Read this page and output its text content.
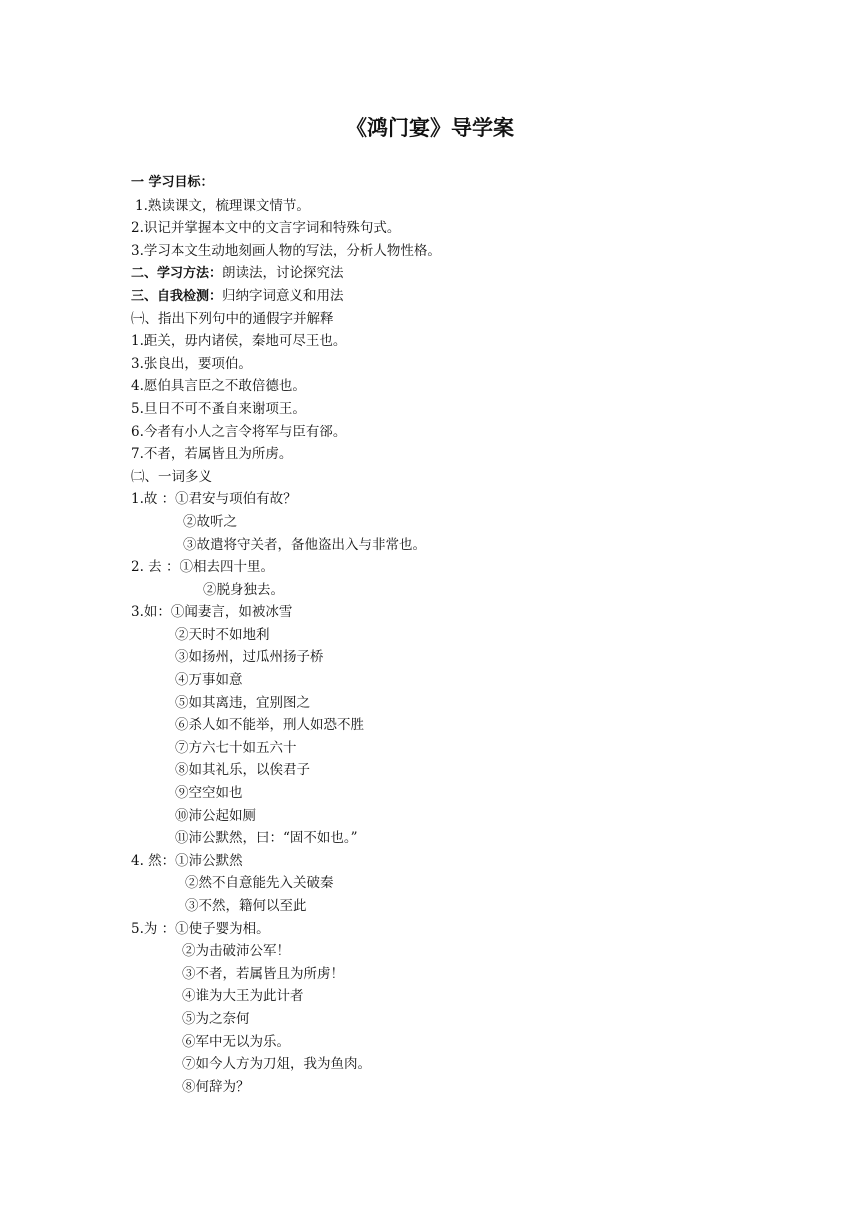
《鸿门宴》导学案
一 学习目标：
1.熟读课文，梳理课文情节。
2.识记并掌握本文中的文言字词和特殊句式。
3.学习本文生动地刻画人物的写法，分析人物性格。
二、学习方法：朗读法，讨论探究法
三、自我检测：归纳字词意义和用法
㈠、指出下列句中的通假字并解释
1.距关，毋内诸侯，秦地可尽王也。
3.张良出，要项伯。
4.愿伯具言臣之不敢倍德也。
5.旦日不可不蚤自来谢项王。
6.今者有小人之言令将军与臣有郤。
7.不者，若属皆且为所虏。
㈡、一词多义
1.故 ：①君安与项伯有故？
②故听之
③故遣将守关者，备他盗出入与非常也。
2. 去 ：①相去四十里。
②脱身独去。
3.如：①闻妻言，如被冰雪
②天时不如地利
③如扬州，过瓜州扬子桥
④万事如意
⑤如其离违，宜别图之
⑥杀人如不能举，刑人如恐不胜
⑦方六七十如五六十
⑧如其礼乐，以俟君子
⑨空空如也
⑩沛公起如厕
⑪沛公默然，曰：“固不如也。”
4. 然：①沛公默然
②然不自意能先入关破秦
③不然，籍何以至此
5.为 ：①使子婴为相。
②为击破沛公军！
③不者，若属皆且为所虏！
④谁为大王为此计者
⑤为之奈何
⑥军中无以为乐。
⑦如今人方为刀俎，我为鱼肉。
⑧何辞为？
